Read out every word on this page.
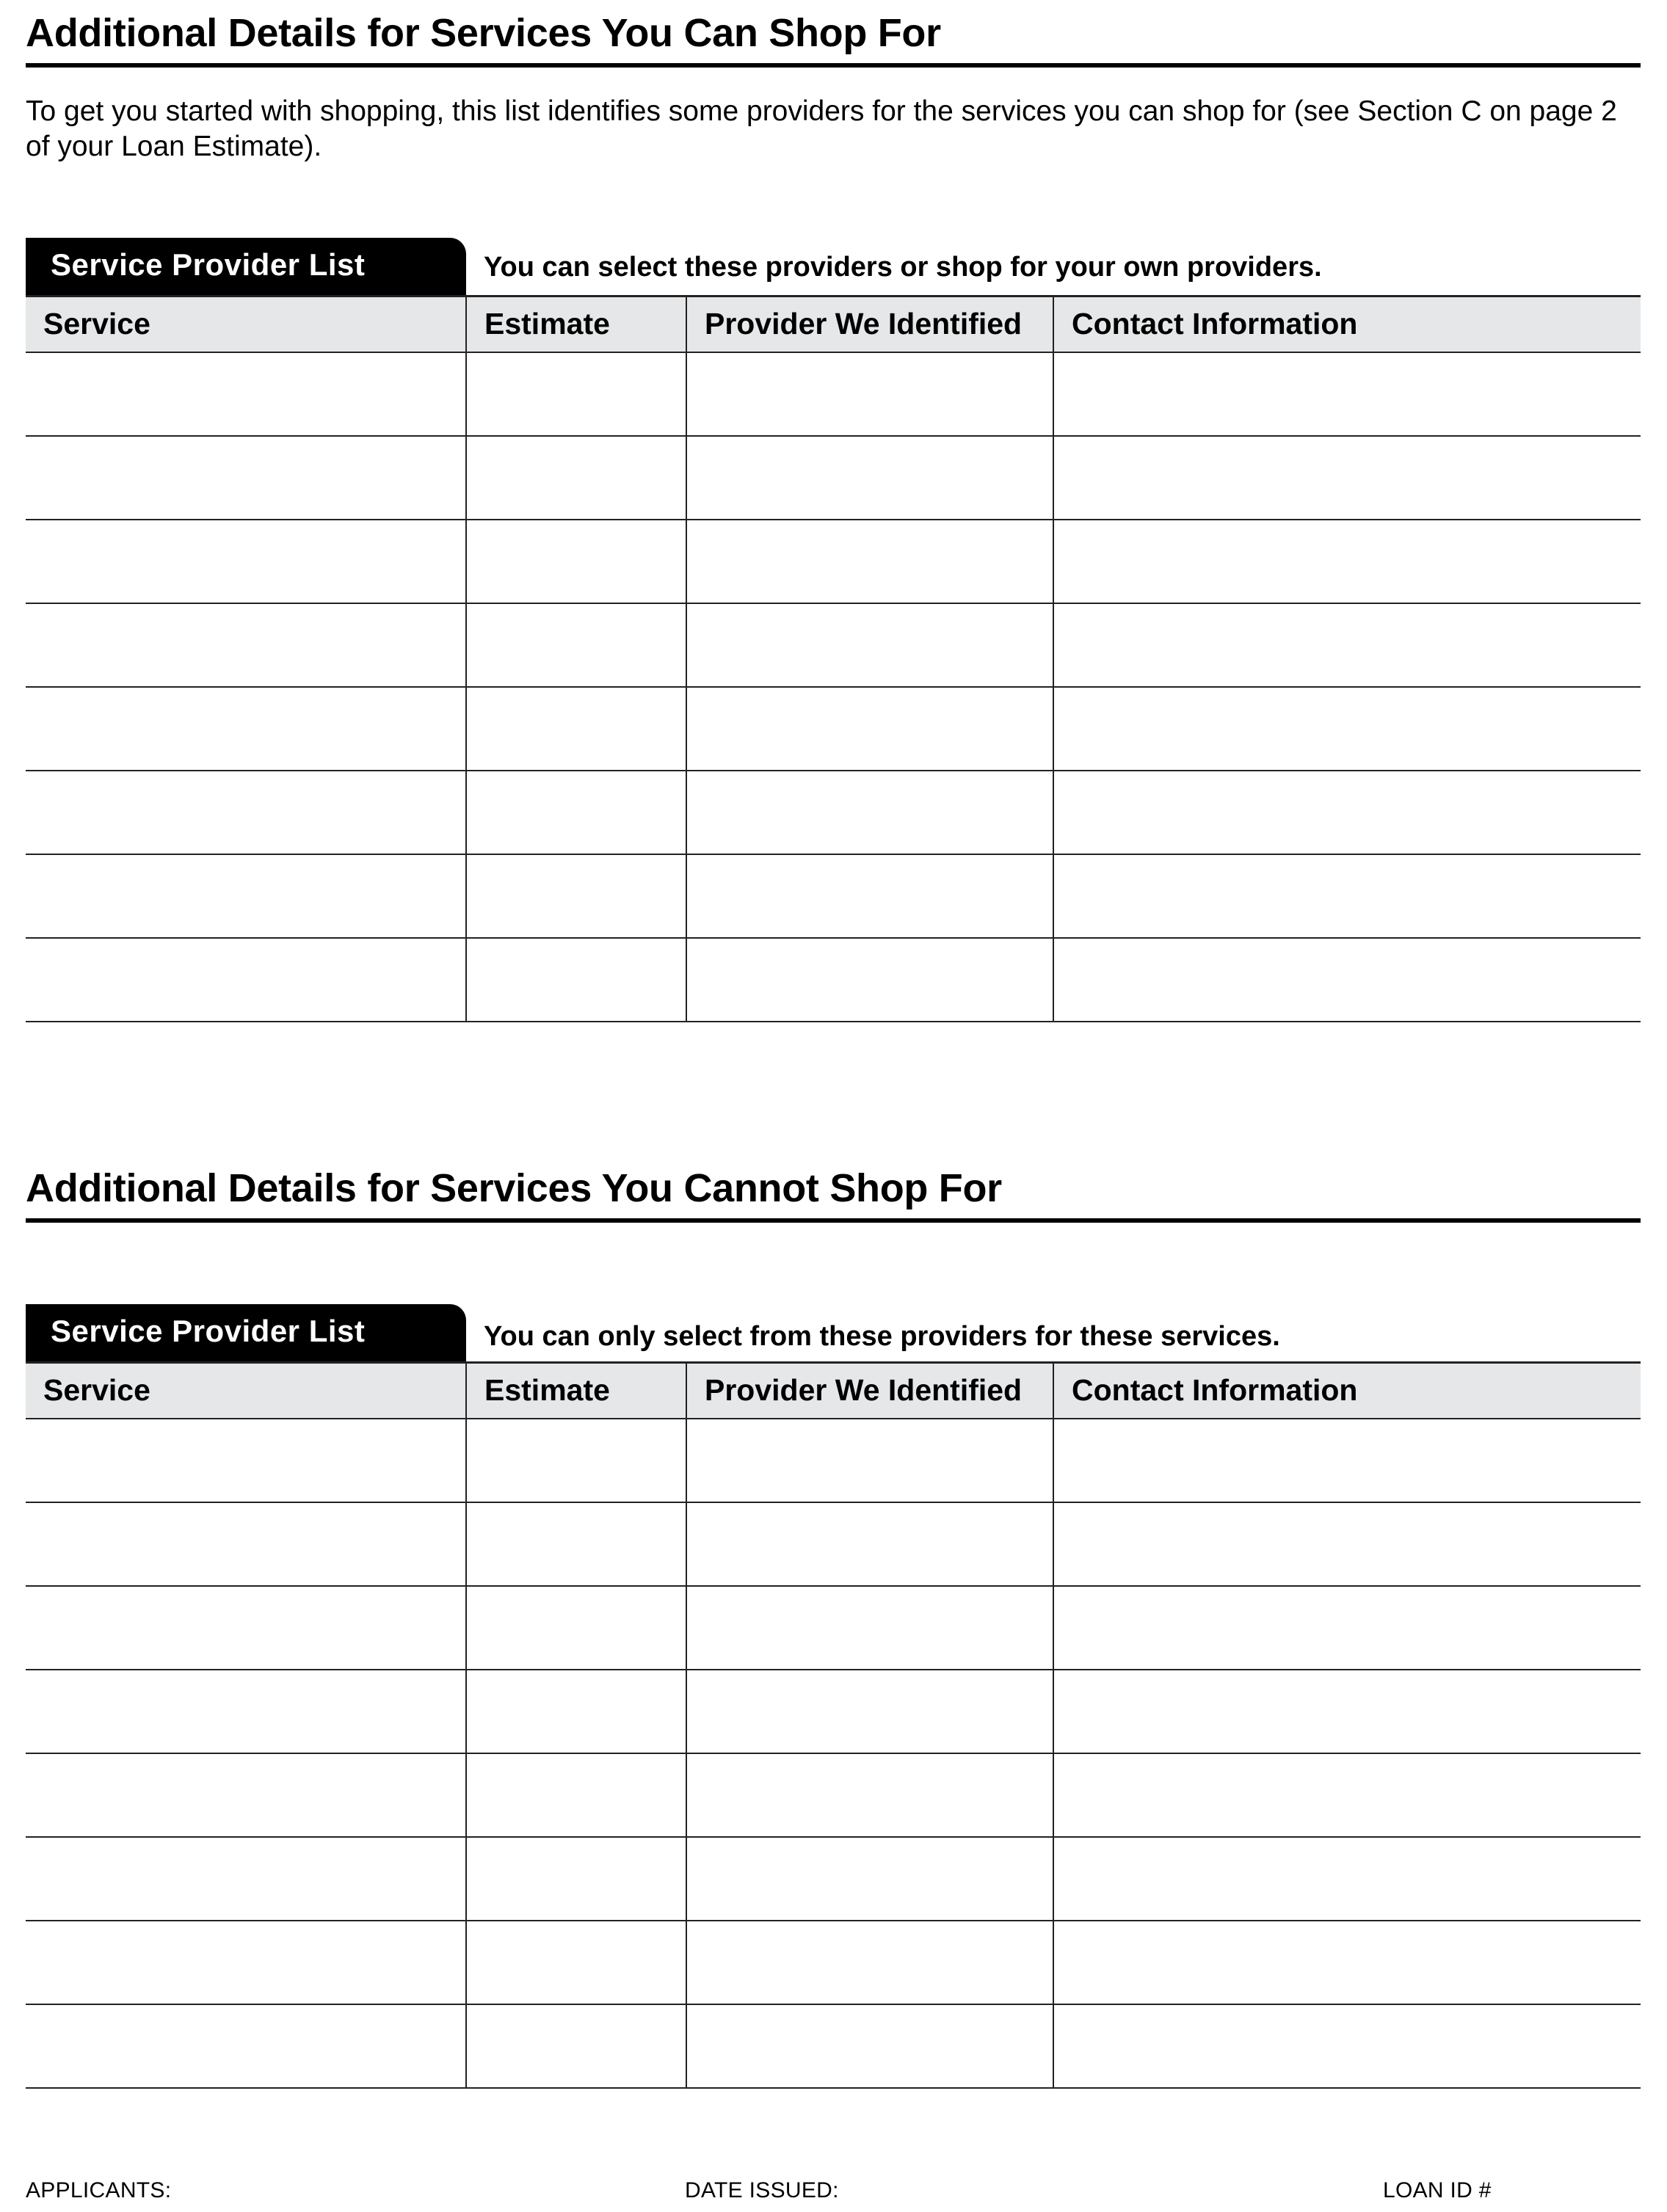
Additional Details for Services You Can Shop For
To get you started with shopping, this list identifies some providers for the services you can shop for (see Section C on page 2 of your Loan Estimate).
Service Provider List	You can select these providers or shop for your own providers.
Service	Estimate	Provider We Identified	Contact Information

Additional Details for Services You Cannot Shop For
Service Provider List	You can only select from these providers for these services.
Service	Estimate	Provider We Identified	Contact Information

APPLICANTS:	DATE ISSUED:	LOAN ID #
